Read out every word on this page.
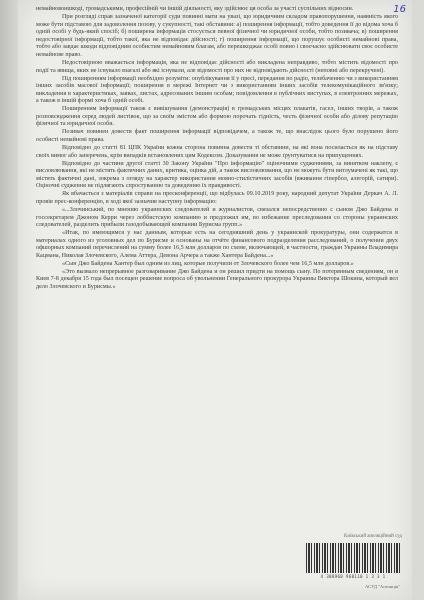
16

немайновоншкоді, громадськими, професійній чи іншій діяльності, яку здійснює ця особа за участі суспільних відносин.

При розгляді справ зазначеної категорії суди повинні мати на увазі, що юридичним складом правопорушення, наявність якого може бути підставою для задоволення позову, у сукупності, такі обставини: а) поширення інформації, тобто доведення її до відома хоча б одній особі у будь-який спосіб; б) поширена інформація стосується певної фізичної чи юридичної особи, тобто позивача; в) поширення недостовірної інформації, тобто такої, яка не відповідає дійсності; г) поширення інформації, що порушує особисті немайнові права, тобто або завдає шкоди відповідним особистим немайновим благам, або перешкоджає особі повно і своєчасно здійснювати своє особисте немайнове право.

Недостовірною вважається інформація, яка не відповідає дійсності або викладена неправдиво, тобто містить відомості про події та явища, яких не існувало взагалі або які існували, але відомості про них не відповідають дійсності (неповні або перекручені).

Під поширенням інформації необхідно розуміти: опублікування її у пресі, передання по радіо, телебаченню чи з використанням інших засобів масової інформації; поширення в мережі Інтернет чи з використанням інших засобів телекомунікаційного зв'язку; викладення в характеристиках, заявах, листах, адресованих іншим особам; повідомлення в публічних виступах, в електронних мережах, а також в іншій формі хоча б одній особі.

Поширенням інформації також є вивішування (демонстрація) в громадських місцях плакатів, гасел, інших творів, а також розповсюдження серед людей листівок, що за своїм змістом або формою порочать гідність, честь фізичної особи або ділову репутацію фізичної та юридичної особи.

Позивач повинен довести факт поширення інформації відповідачем, а також те, що внаслідок цього було порушено його особисті немайнові права.

Відповідно до статті 81 ЦПК України кожна сторона повинна довести ті обставини, на які вона посилається як на підставу своїх вимог або заперечень, крім випадків встановлених цим Кодексом. Доказування не може ґрунтуватися на припущеннях.

Відповідно до частини другої статті 30 Закону України "Про інформацію" оціночними судженнями, за винятком наклепу, є висловлювання, які не містять фактичних даних, критика, оцінка дій, а також висловлювання, що не можуть бути витлумачені як такі, що містять фактичні дані, зокрема з огляду на характер використання мовно-стилістичних засобів (вживання гіпербол, алегорій, сатири). Оціночні судження не підлягають спростуванню та доведенню їх правдивості.

Як вбачається з матеріалів справи на пресконференції, що відбулась 09.10.2019 року, народний депутат України Деркач А. Л. провів прес-конференцію, в ході якої зазначив наступну інформацію:

«...Злочинський, по мнению украинских следователей и журналистов, связался непосредственно с сыном Джо Байдена и госсекретарем Джоном Керри через лоббистскую компанию и предложил им, во избежание преследования со стороны украинских следователей, разделить прибыли газодобывающей компании Бурисма групп.»

«Итак, по имеющимся у нас данным, которые есть на сегодняшний день у украинской прокуратуры, они содержатся в материалах одного из уголовных дел по Бурисме и основаны на отчёте финансового подразделения расследований, о получении двух офшорных компаний перечислений на сумму более 16,5 млн долларов по схеме, включающей, в частности, граждан Украины Владимира Кацмана, Николая Злочевского, Алема Аттера, Девона Арчера а также Хантера Байдена...»

«Сын Джо Байдена Хантер был одним из лиц, которые получили от Злочевского более чем 16,5 млн долларов.»

«Это вызвало непрерывное разговаривание Джо Байдена и он решил придти на помощь сыну. По потерянным сведениям, он в Киев 7-8 декабря 15 года был посещен решение вопроса об увольнении Генерального прокурора Украины Виктора Шокина, который вел дело Злочевского и Бурисмы.»

Київський апеляційний суд
4 388960 960110 1 3 3 1
АСУД "Апеляція"
